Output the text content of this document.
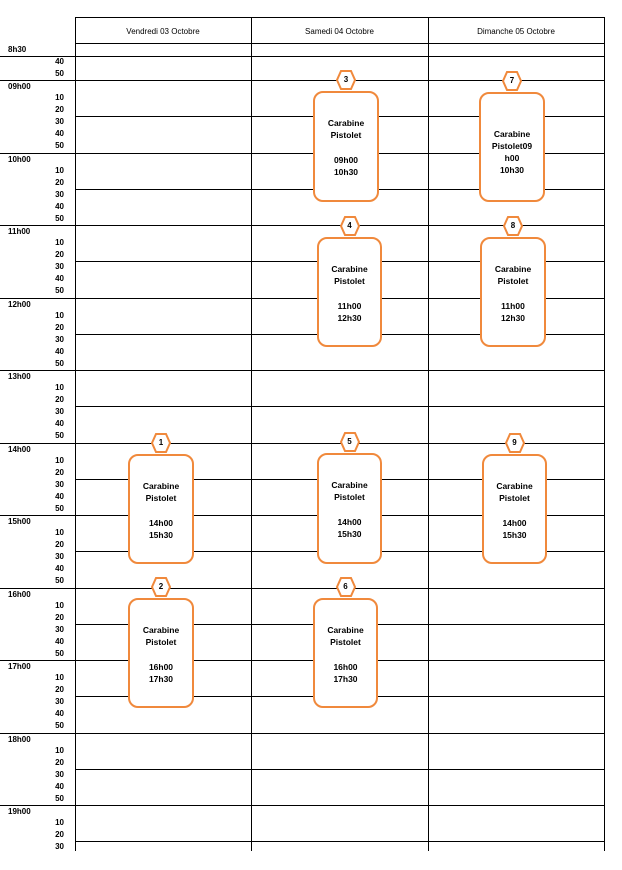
Vendredi 03 Octobre	Samedi 04 Octobre	Dimanche 05 Octobre
8h30
40
50
09h00
10
20
30
40
50
10h00
10
20
30
40
50
11h00
10
20
30
40
50
12h00
10
20
30
40
50
13h00
10
20
30
40
50
14h00
10
20
30
40
50
15h00
10
20
30
40
50
16h00
10
20
30
40
50
17h00
10
20
30
40
50
18h00
10
20
30
40
50
19h00
10
20
30
Carabine
Pistolet
14h00
15h30
1
Carabine
Pistolet
16h00
17h30
2
Carabine
Pistolet
09h00
10h30
3
Carabine
Pistolet
11h00
12h30
4
Carabine
Pistolet
14h00
15h30
5
Carabine
Pistolet
16h00
17h30
6
Carabine
Pistolet09
h00
10h30
7
Carabine
Pistolet
11h00
12h30
8
Carabine
Pistolet
14h00
15h30
9
